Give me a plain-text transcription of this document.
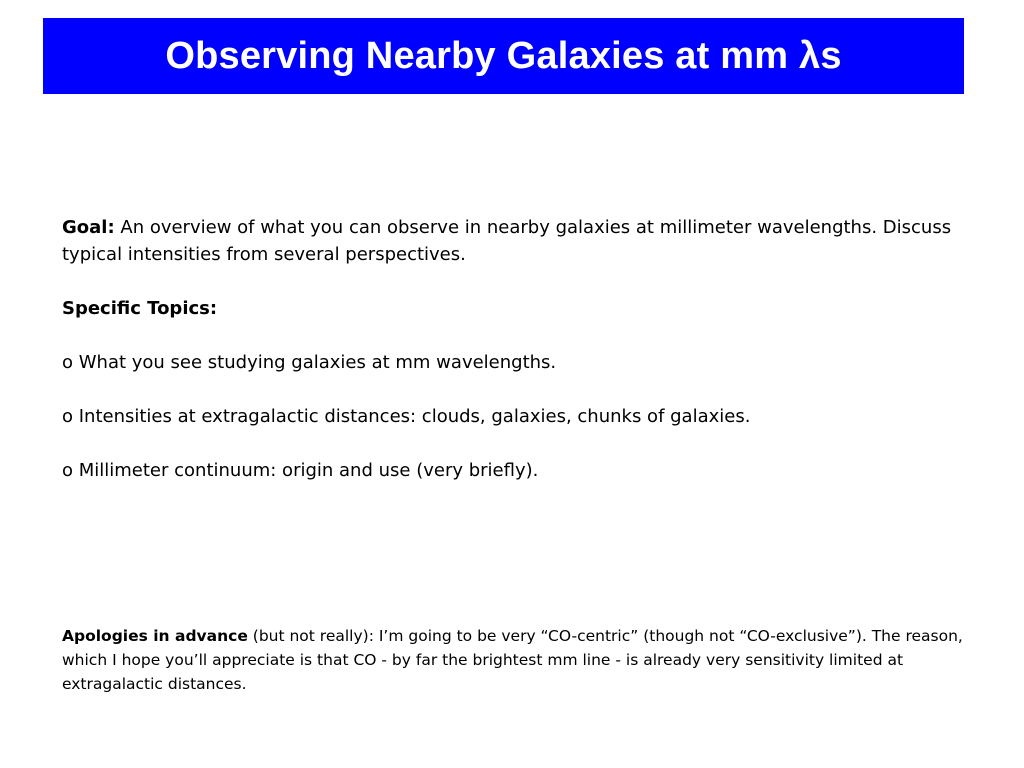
Observing Nearby Galaxies at mm λs

Goal: An overview of what you can observe in nearby galaxies at millimeter wavelengths. Discuss typical intensities from several perspectives.

Specific Topics:

o What you see studying galaxies at mm wavelengths.

o Intensities at extragalactic distances: clouds, galaxies, chunks of galaxies.

o Millimeter continuum: origin and use (very briefly).

Apologies in advance (but not really): I’m going to be very “CO-centric” (though not “CO-exclusive”). The reason, which I hope you’ll appreciate is that CO - by far the brightest mm line - is already very sensitivity limited at extragalactic distances.
